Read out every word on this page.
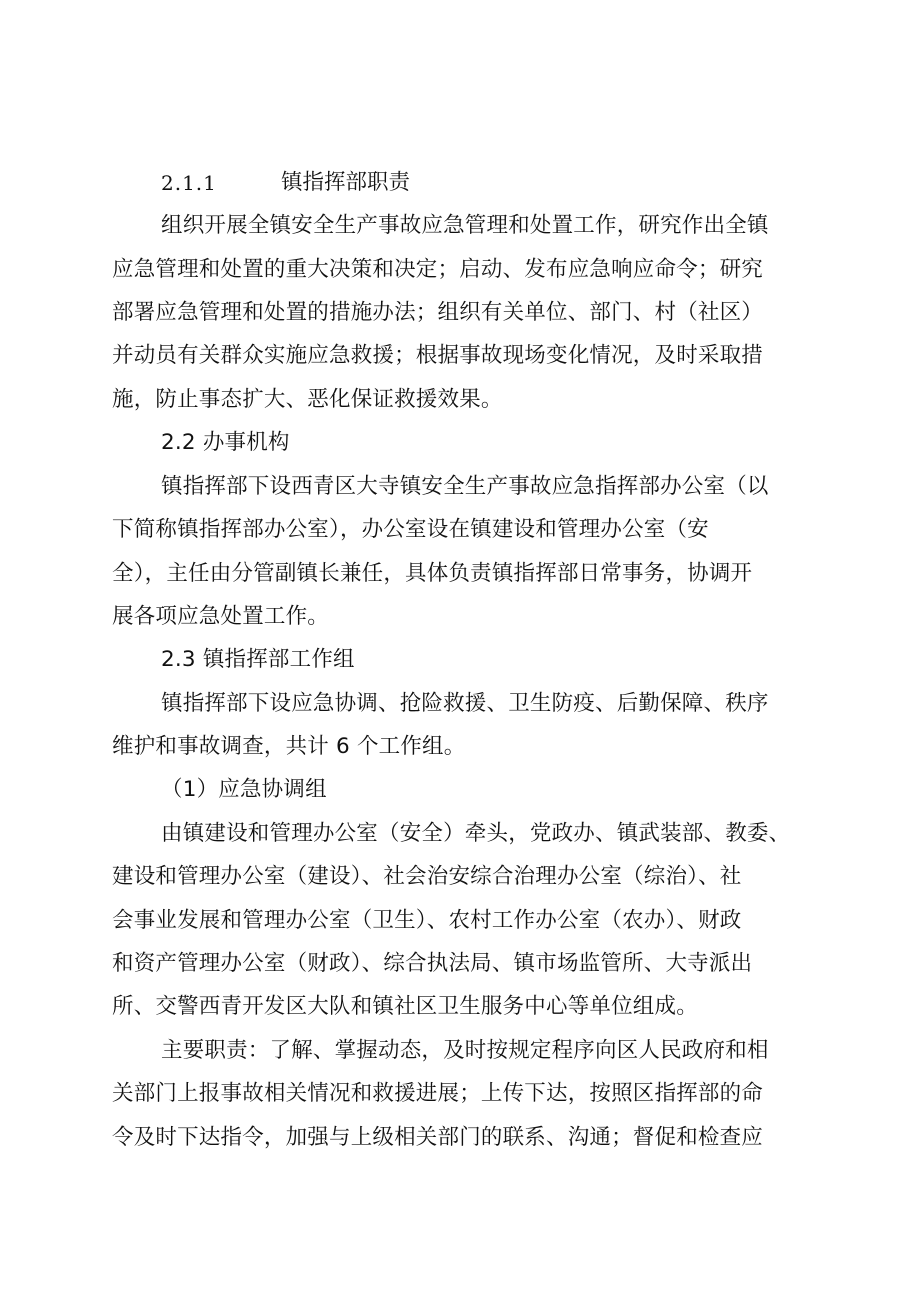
2.1.1	镇指挥部职责
组织开展全镇安全生产事故应急管理和处置工作，研究作出全镇
应急管理和处置的重大决策和决定；启动、发布应急响应命令；研究
部署应急管理和处置的措施办法；组织有关单位、部门、村（社区）
并动员有关群众实施应急救援；根据事故现场变化情况，及时采取措
施，防止事态扩大、恶化保证救援效果。
2.2 办事机构
镇指挥部下设西青区大寺镇安全生产事故应急指挥部办公室（以
下简称镇指挥部办公室），办公室设在镇建设和管理办公室（安
全），主任由分管副镇长兼任，具体负责镇指挥部日常事务，协调开
展各项应急处置工作。
2.3 镇指挥部工作组
镇指挥部下设应急协调、抢险救援、卫生防疫、后勤保障、秩序
维护和事故调查，共计 6 个工作组。
（1）应急协调组
由镇建设和管理办公室（安全）牵头，党政办、镇武装部、教委、
建设和管理办公室（建设）、社会治安综合治理办公室（综治）、社
会事业发展和管理办公室（卫生）、农村工作办公室（农办）、财政
和资产管理办公室（财政）、综合执法局、镇市场监管所、大寺派出
所、交警西青开发区大队和镇社区卫生服务中心等单位组成。
主要职责：了解、掌握动态，及时按规定程序向区人民政府和相
关部门上报事故相关情况和救援进展；上传下达，按照区指挥部的命
令及时下达指令，加强与上级相关部门的联系、沟通；督促和检查应
